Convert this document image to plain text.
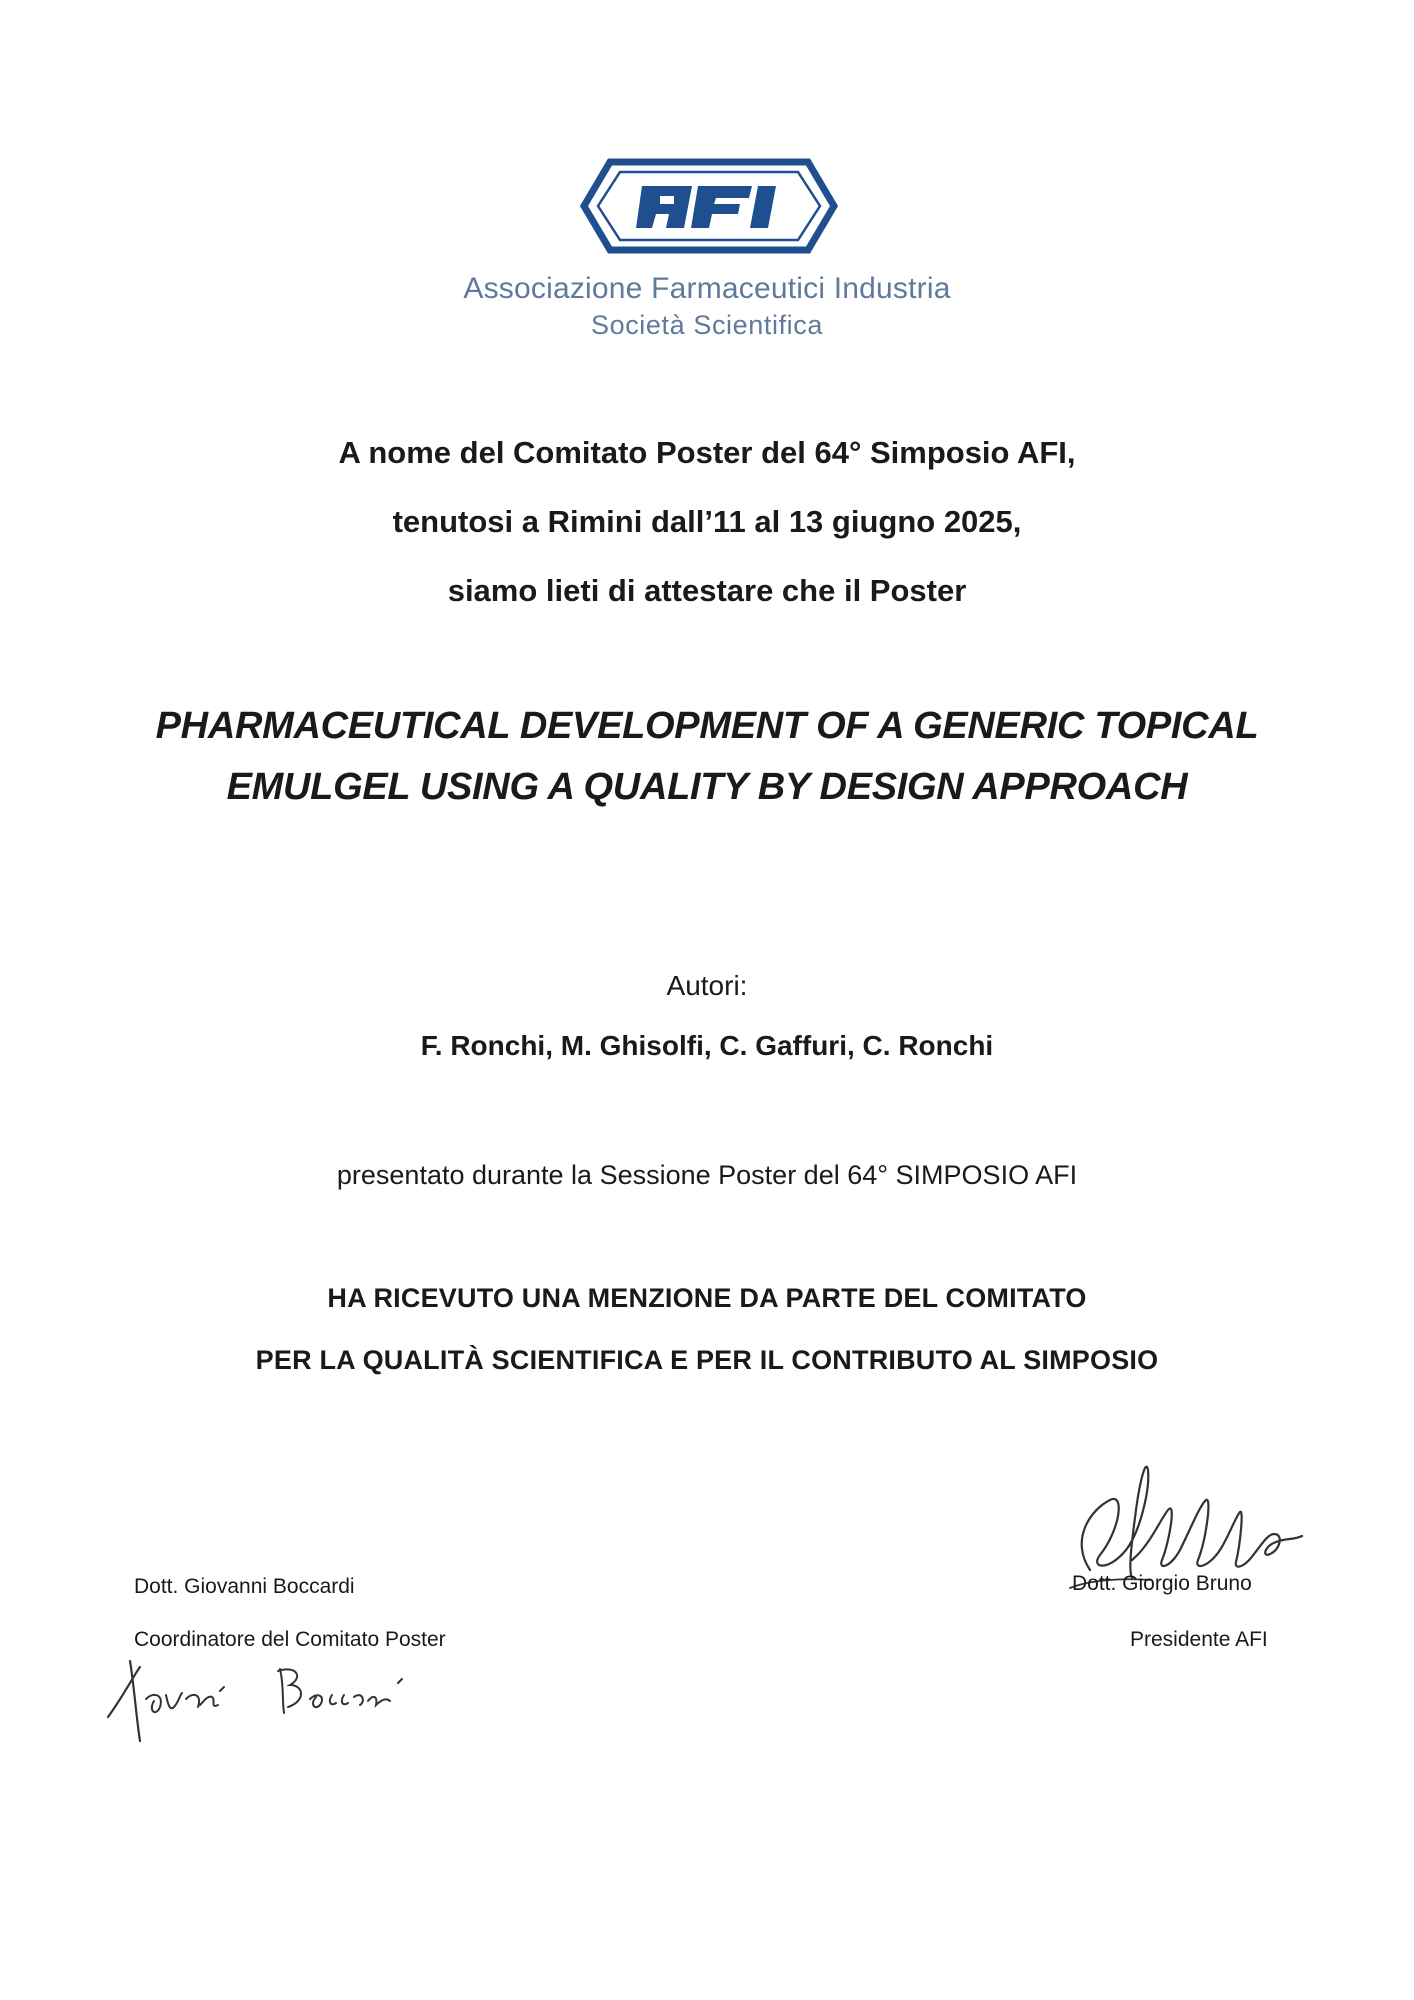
Associazione Farmaceutici Industria
Società Scientifica
A nome del Comitato Poster del 64° Simposio AFI,
tenutosi a Rimini dall’11 al 13 giugno 2025,
siamo lieti di attestare che il Poster
PHARMACEUTICAL DEVELOPMENT OF A GENERIC TOPICAL EMULGEL USING A QUALITY BY DESIGN APPROACH
Autori:
F. Ronchi, M. Ghisolfi, C. Gaffuri, C. Ronchi
presentato durante la Sessione Poster del 64° SIMPOSIO AFI
HA RICEVUTO UNA MENZIONE DA PARTE DEL COMITATO
PER LA QUALITÀ SCIENTIFICA E PER IL CONTRIBUTO AL SIMPOSIO
Dott. Giovanni Boccardi
Coordinatore del Comitato Poster
Dott. Giorgio Bruno
Presidente AFI
